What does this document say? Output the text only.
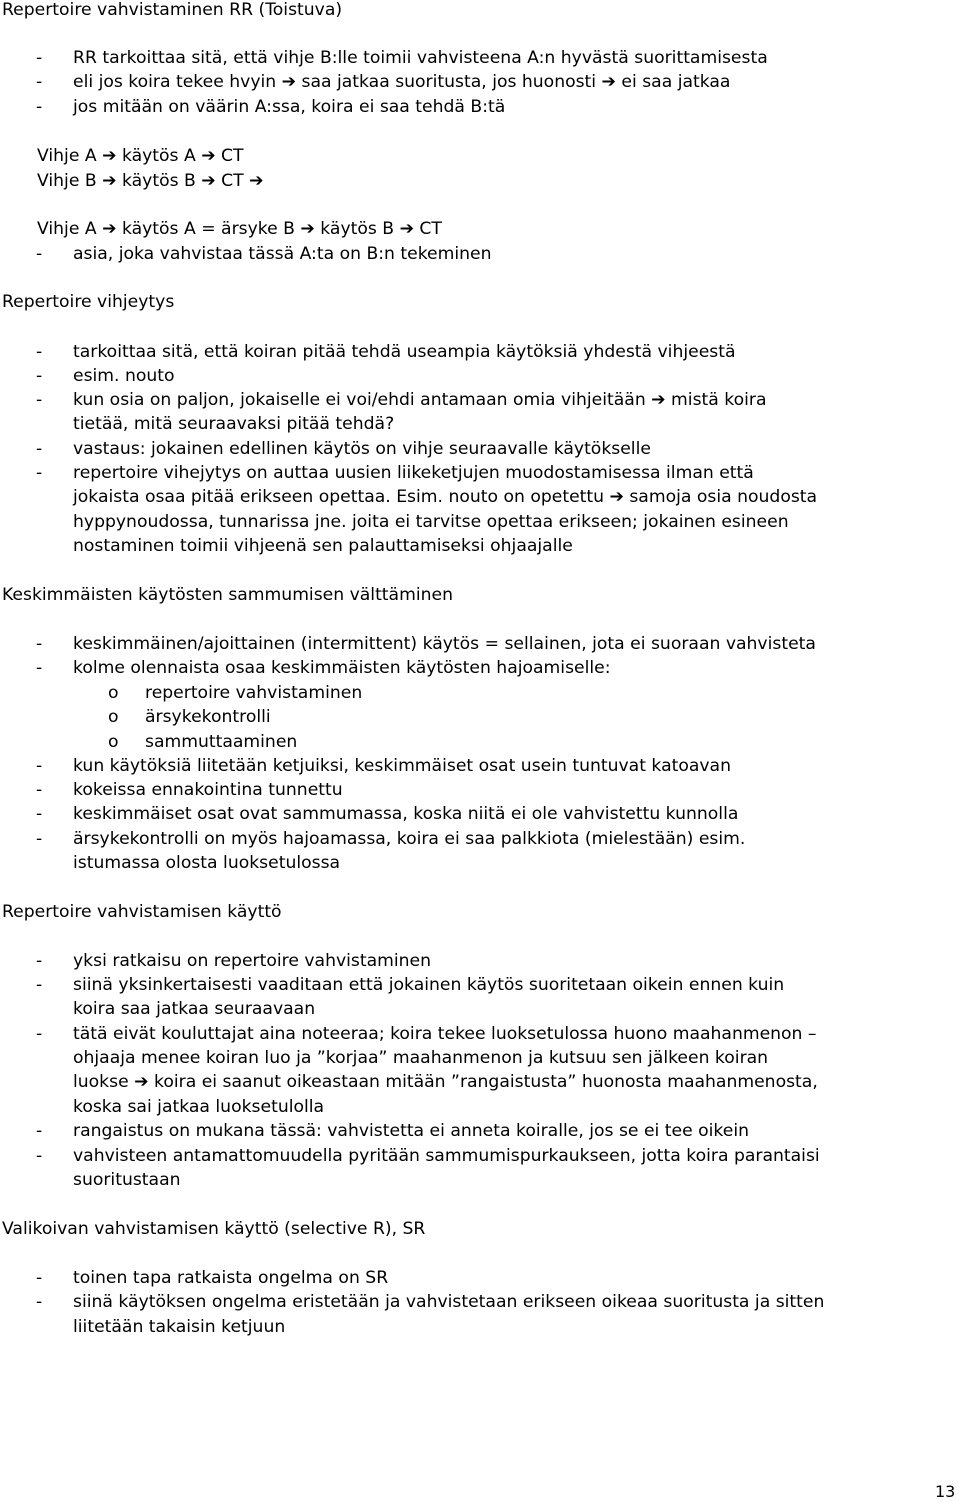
Repertoire vahvistaminen RR (Toistuva)
- RR tarkoittaa sitä, että vihje B:lle toimii vahvisteena A:n hyvästä suorittamisesta
- eli jos koira tekee hvyin ➔ saa jatkaa suoritusta, jos huonosti ➔ ei saa jatkaa
- jos mitään on väärin A:ssa, koira ei saa tehdä B:tä
Vihje A ➔ käytös A ➔ CT
Vihje B ➔ käytös B ➔ CT ➔
Vihje A ➔ käytös A = ärsyke B ➔ käytös B ➔ CT
- asia, joka vahvistaa tässä A:ta on B:n tekeminen
Repertoire vihjeytys
- tarkoittaa sitä, että koiran pitää tehdä useampia käytöksiä yhdestä vihjeestä
- esim. nouto
- kun osia on paljon, jokaiselle ei voi/ehdi antamaan omia vihjeitään ➔ mistä koira
tietää, mitä seuraavaksi pitää tehdä?
- vastaus: jokainen edellinen käytös on vihje seuraavalle käytökselle
- repertoire vihejytys on auttaa uusien liikeketjujen muodostamisessa ilman että
jokaista osaa pitää erikseen opettaa. Esim. nouto on opetettu ➔ samoja osia noudosta
hyppynoudossa, tunnarissa jne. joita ei tarvitse opettaa erikseen; jokainen esineen
nostaminen toimii vihjeenä sen palauttamiseksi ohjaajalle
Keskimmäisten käytösten sammumisen välttäminen
- keskimmäinen/ajoittainen (intermittent) käytös = sellainen, jota ei suoraan vahvisteta
- kolme olennaista osaa keskimmäisten käytösten hajoamiselle:
o repertoire vahvistaminen
o ärsykekontrolli
o sammuttaaminen
- kun käytöksiä liitetään ketjuiksi, keskimmäiset osat usein tuntuvat katoavan
- kokeissa ennakointina tunnettu
- keskimmäiset osat ovat sammumassa, koska niitä ei ole vahvistettu kunnolla
- ärsykekontrolli on myös hajoamassa, koira ei saa palkkiota (mielestään) esim.
istumassa olosta luoksetulossa
Repertoire vahvistamisen käyttö
- yksi ratkaisu on repertoire vahvistaminen
- siinä yksinkertaisesti vaaditaan että jokainen käytös suoritetaan oikein ennen kuin
koira saa jatkaa seuraavaan
- tätä eivät kouluttajat aina noteeraa; koira tekee luoksetulossa huono maahanmenon –
ohjaaja menee koiran luo ja ”korjaa” maahanmenon ja kutsuu sen jälkeen koiran
luokse ➔ koira ei saanut oikeastaan mitään ”rangaistusta” huonosta maahanmenosta,
koska sai jatkaa luoksetulolla
- rangaistus on mukana tässä: vahvistetta ei anneta koiralle, jos se ei tee oikein
- vahvisteen antamattomuudella pyritään sammumispurkaukseen, jotta koira parantaisi
suoritustaan
Valikoivan vahvistamisen käyttö (selective R), SR
- toinen tapa ratkaista ongelma on SR
- siinä käytöksen ongelma eristetään ja vahvistetaan erikseen oikeaa suoritusta ja sitten
liitetään takaisin ketjuun
13
